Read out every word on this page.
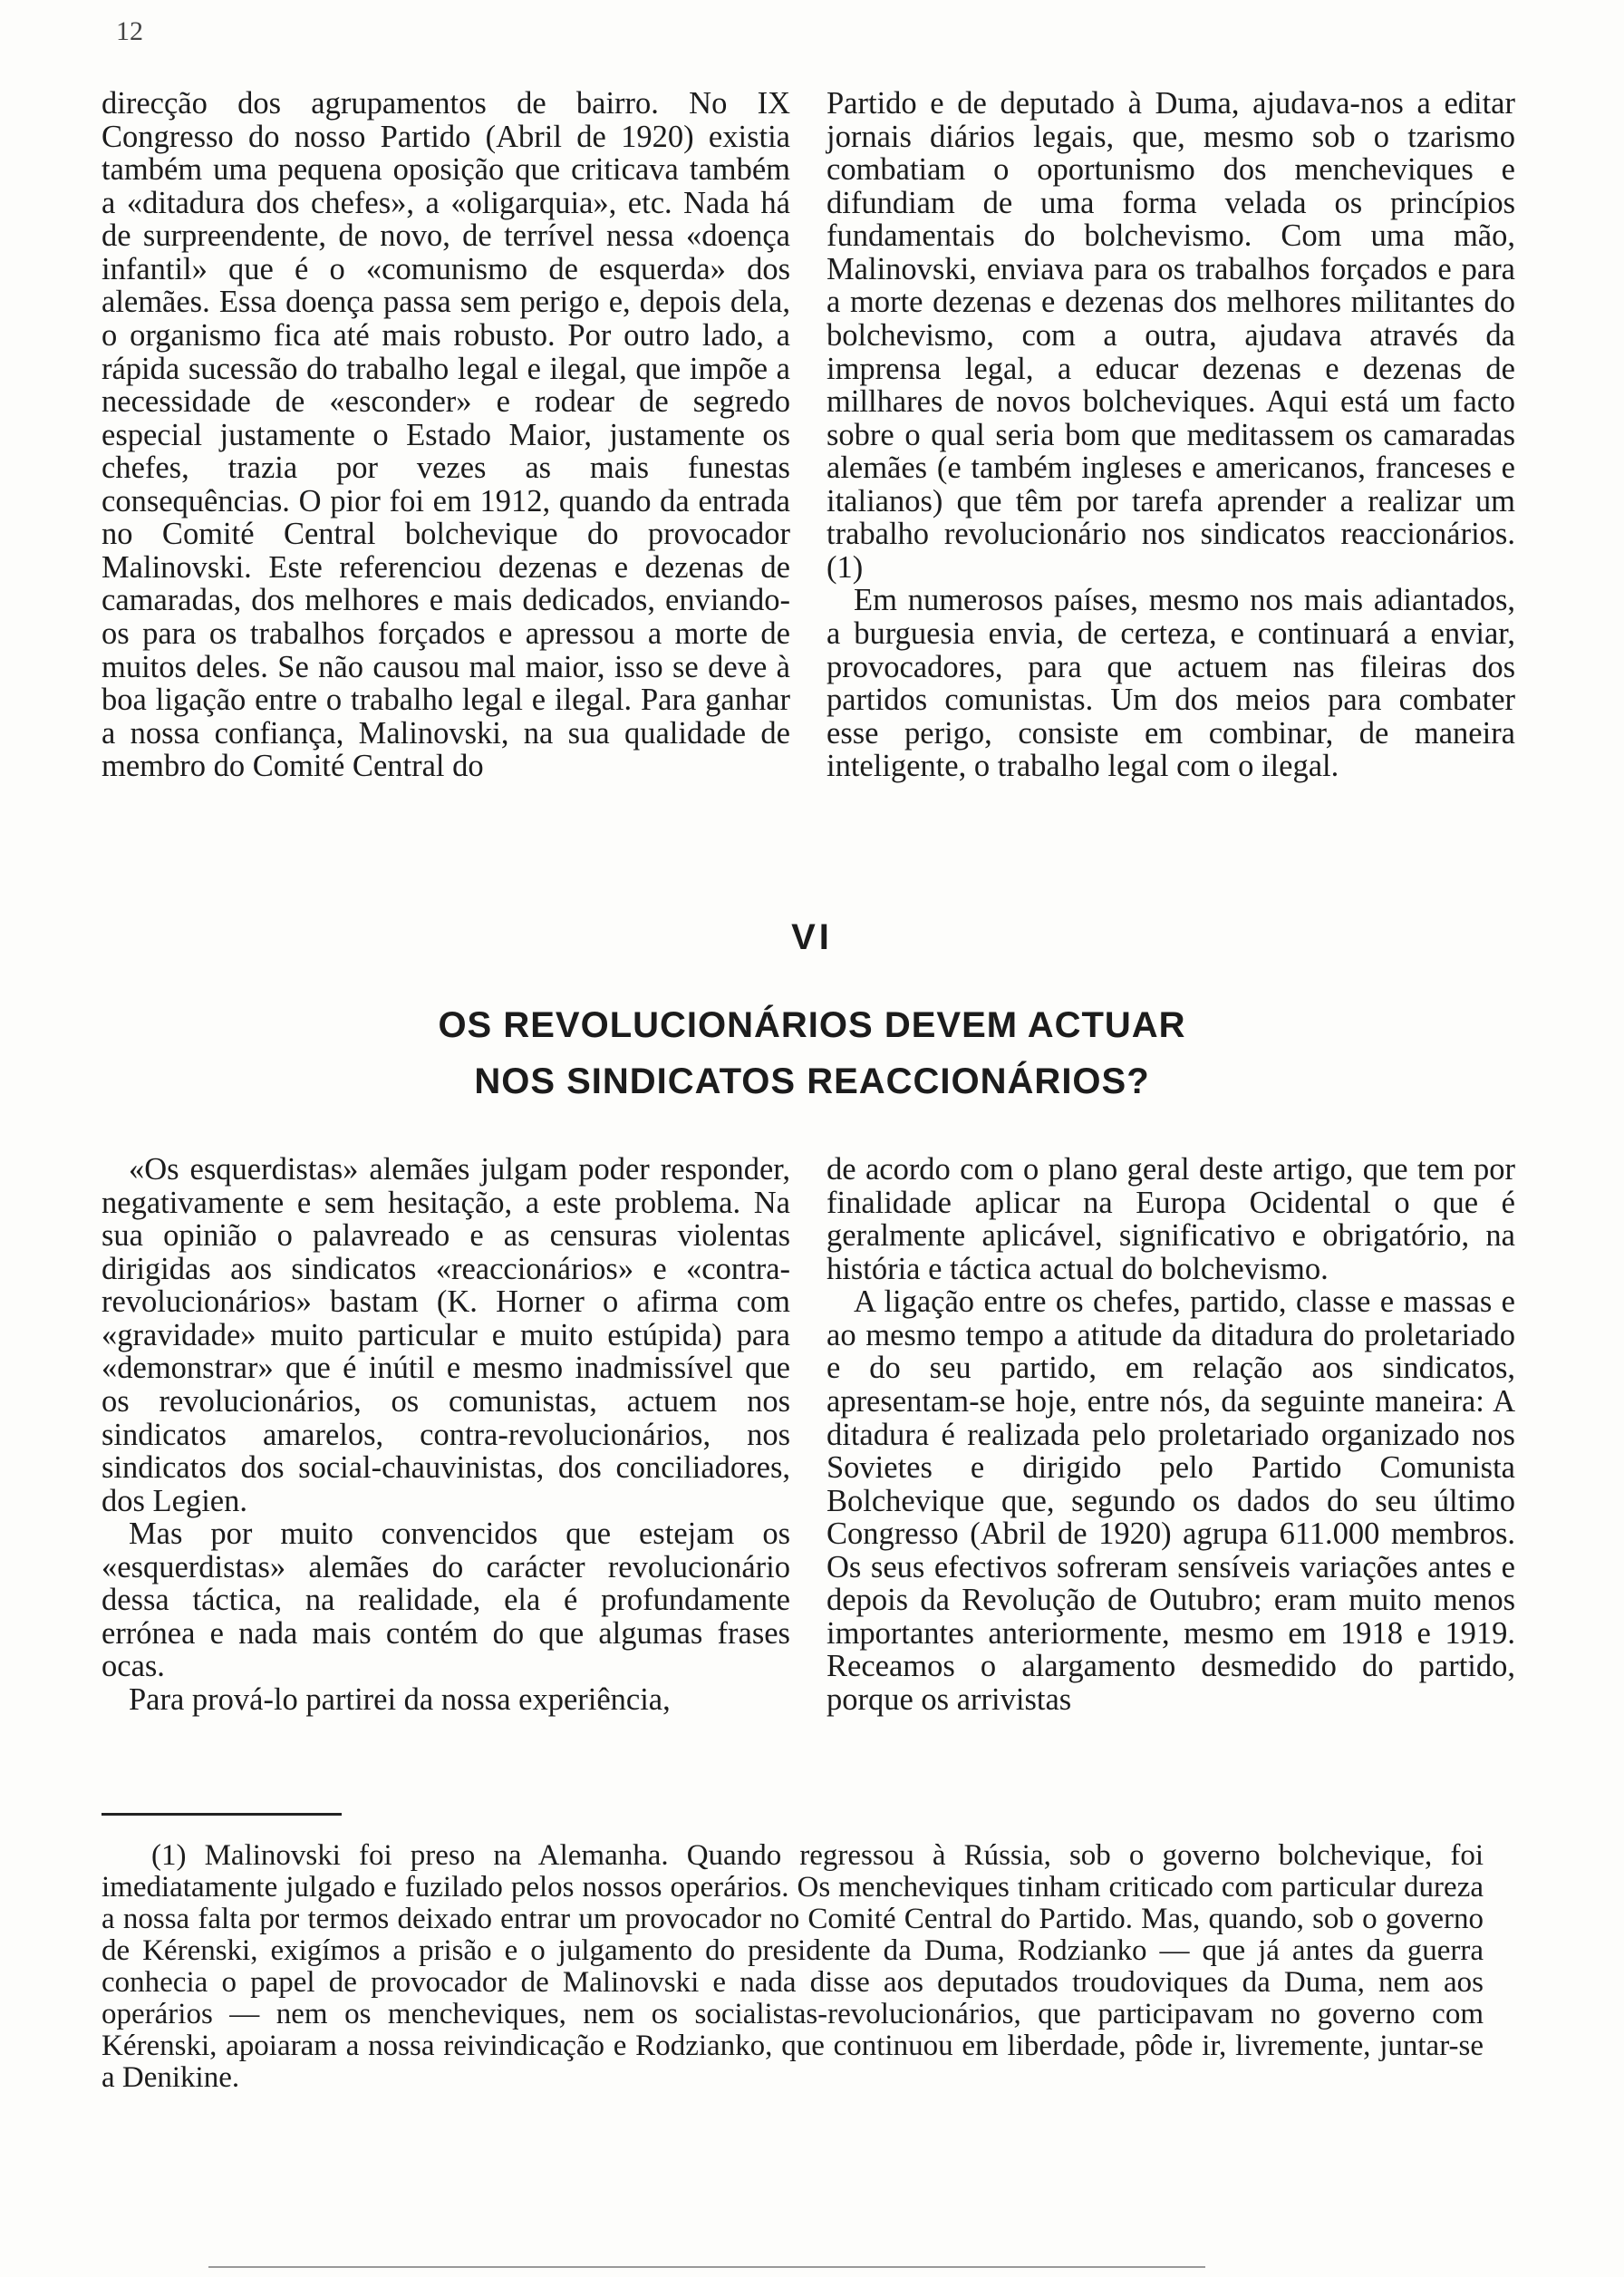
12

direcção dos agrupamentos de bairro. No IX Congresso do nosso Partido (Abril de 1920) existia também uma pequena oposição que criticava também a «ditadura dos chefes», a «oligarquia», etc. Nada há de surpreendente, de novo, de terrível nessa «doença infantil» que é o «comunismo de esquerda» dos alemães. Essa doença passa sem perigo e, depois dela, o organismo fica até mais robusto. Por outro lado, a rápida sucessão do trabalho legal e ilegal, que impõe a necessidade de «esconder» e rodear de segredo especial justamente o Estado Maior, justamente os chefes, trazia por vezes as mais funestas consequências. O pior foi em 1912, quando da entrada no Comité Central bolchevique do provocador Malinovski. Este referenciou dezenas e dezenas de camaradas, dos melhores e mais dedicados, enviando-os para os trabalhos forçados e apressou a morte de muitos deles. Se não causou mal maior, isso se deve à boa ligação entre o trabalho legal e ilegal. Para ganhar a nossa confiança, Malinovski, na sua qualidade de membro do Comité Central do

Partido e de deputado à Duma, ajudava-nos a editar jornais diários legais, que, mesmo sob o tzarismo combatiam o oportunismo dos mencheviques e difundiam de uma forma velada os princípios fundamentais do bolchevismo. Com uma mão, Malinovski, enviava para os trabalhos forçados e para a morte dezenas e dezenas dos melhores militantes do bolchevismo, com a outra, ajudava através da imprensa legal, a educar dezenas e dezenas de millhares de novos bolcheviques. Aqui está um facto sobre o qual seria bom que meditassem os camaradas alemães (e também ingleses e americanos, franceses e italianos) que têm por tarefa aprender a realizar um trabalho revolucionário nos sindicatos reaccionários. (1)

Em numerosos países, mesmo nos mais adiantados, a burguesia envia, de certeza, e continuará a enviar, provocadores, para que actuem nas fileiras dos partidos comunistas. Um dos meios para combater esse perigo, consiste em combinar, de maneira inteligente, o trabalho legal com o ilegal.

VI
OS REVOLUCIONÁRIOS DEVEM ACTUAR
NOS SINDICATOS REACCIONÁRIOS?

«Os esquerdistas» alemães julgam poder responder, negativamente e sem hesitação, a este problema. Na sua opinião o palavreado e as censuras violentas dirigidas aos sindicatos «reaccionários» e «contra-revolucionários» bastam (K. Horner o afirma com «gravidade» muito particular e muito estúpida) para «demonstrar» que é inútil e mesmo inadmissível que os revolucionários, os comunistas, actuem nos sindicatos amarelos, contra-revolucionários, nos sindicatos dos social-chauvinistas, dos conciliadores, dos Legien.

Mas por muito convencidos que estejam os «esquerdistas» alemães do carácter revolucionário dessa táctica, na realidade, ela é profundamente errónea e nada mais contém do que algumas frases ocas.

Para prová-lo partirei da nossa experiência,

de acordo com o plano geral deste artigo, que tem por finalidade aplicar na Europa Ocidental o que é geralmente aplicável, significativo e obrigatório, na história e táctica actual do bolchevismo.

A ligação entre os chefes, partido, classe e massas e ao mesmo tempo a atitude da ditadura do proletariado e do seu partido, em relação aos sindicatos, apresentam-se hoje, entre nós, da seguinte maneira: A ditadura é realizada pelo proletariado organizado nos Sovietes e dirigido pelo Partido Comunista Bolchevique que, segundo os dados do seu último Congresso (Abril de 1920) agrupa 611.000 membros. Os seus efectivos sofreram sensíveis variações antes e depois da Revolução de Outubro; eram muito menos importantes anteriormente, mesmo em 1918 e 1919. Receamos o alargamento desmedido do partido, porque os arrivistas

(1) Malinovski foi preso na Alemanha. Quando regressou à Rússia, sob o governo bolchevique, foi imediatamente julgado e fuzilado pelos nossos operários. Os mencheviques tinham criticado com particular dureza a nossa falta por termos deixado entrar um provocador no Comité Central do Partido. Mas, quando, sob o governo de Kérenski, exigímos a prisão e o julgamento do presidente da Duma, Rodzianko — que já antes da guerra conhecia o papel de provocador de Malinovski e nada disse aos deputados troudoviques da Duma, nem aos operários — nem os mencheviques, nem os socialistas-revolucionários, que participavam no governo com Kérenski, apoiaram a nossa reivindicação e Rodzianko, que continuou em liberdade, pôde ir, livremente, juntar-se a Denikine.
